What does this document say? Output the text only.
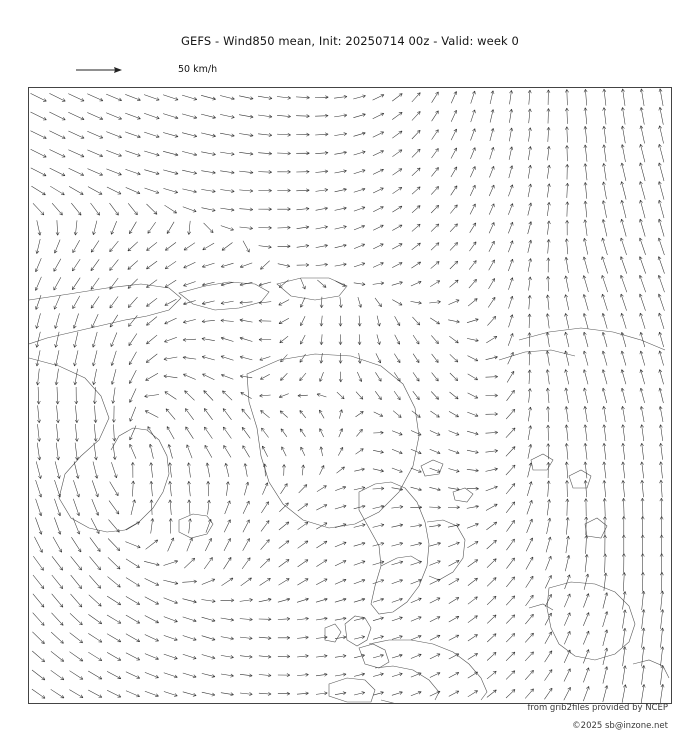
GEFS - Wind850 mean, Init: 20250714 00z - Valid: week 0
50 km/h
from grib2files provided by NCEP
©2025 sb@inzone.net
